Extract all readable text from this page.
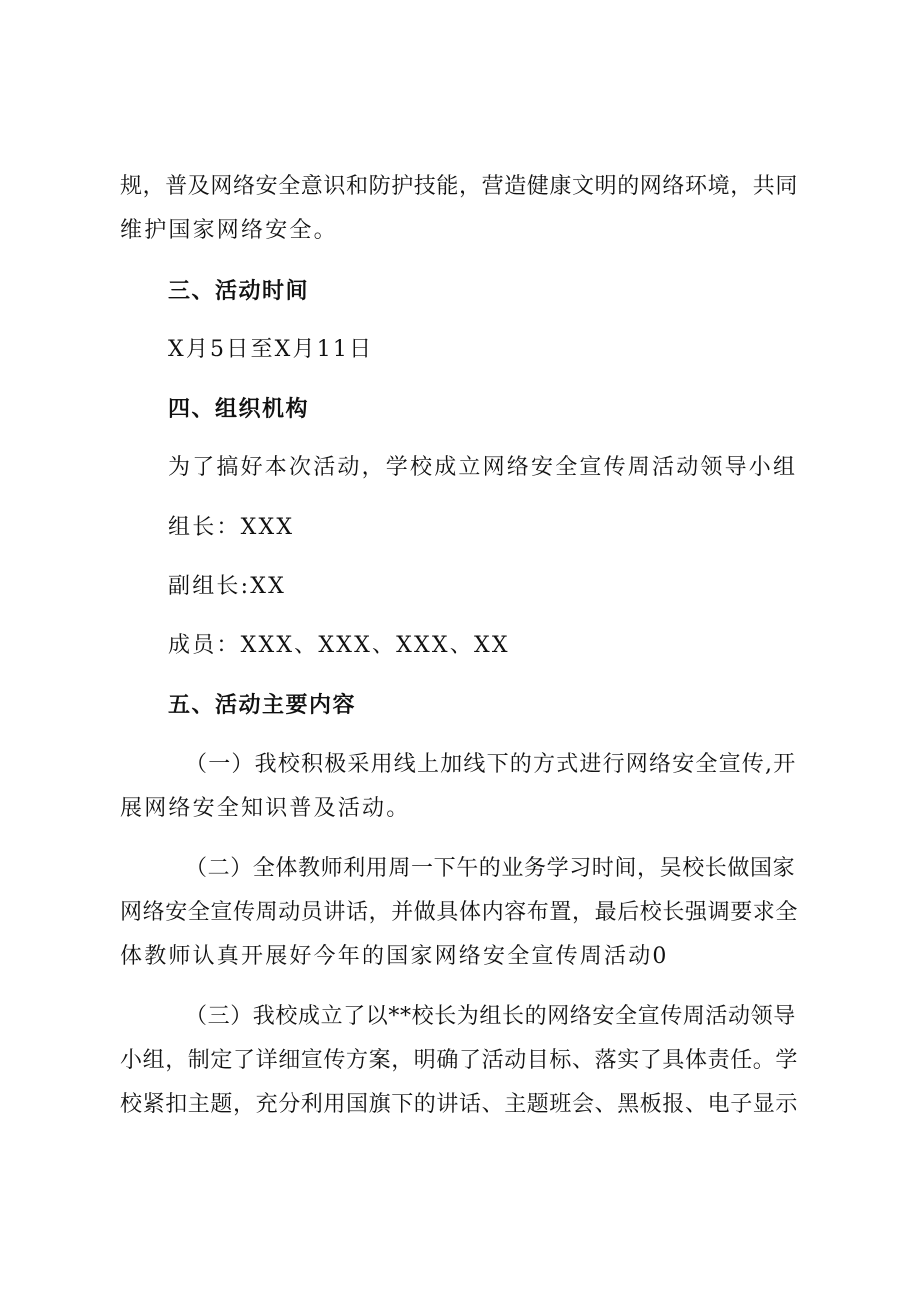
规，普及网络安全意识和防护技能，营造健康文明的网络环境，共同
维护国家网络安全。
三、活动时间
X月5日至X月11日
四、组织机构
为了搞好本次活动，学校成立网络安全宣传周活动领导小组
组长：XXX
副组长:XX
成员：XXX、XXX、XXX、XX
五、活动主要内容
（一）我校积极采用线上加线下的方式进行网络安全宣传,开
展网络安全知识普及活动。
（二）全体教师利用周一下午的业务学习时间，吴校长做国家
网络安全宣传周动员讲话，并做具体内容布置，最后校长强调要求全
体教师认真开展好今年的国家网络安全宣传周活动0
（三）我校成立了以**校长为组长的网络安全宣传周活动领导
小组，制定了详细宣传方案，明确了活动目标、落实了具体责任。学
校紧扣主题，充分利用国旗下的讲话、主题班会、黑板报、电子显示
